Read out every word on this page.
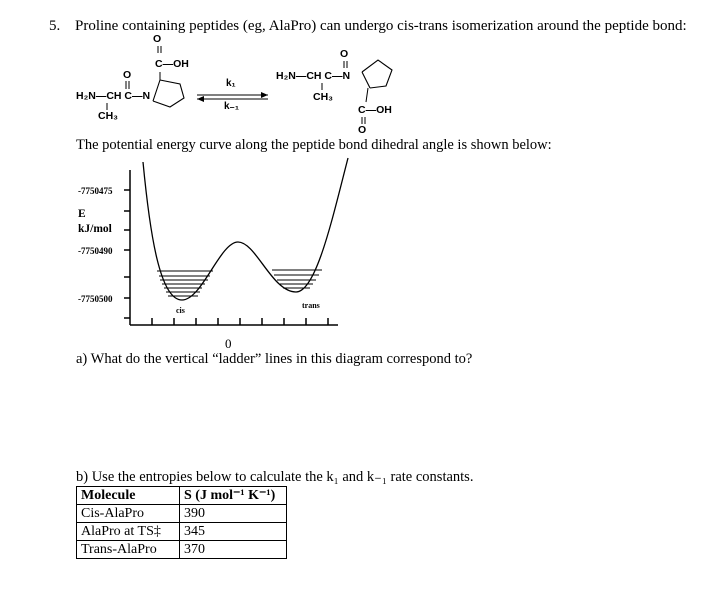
5. Proline containing peptides (eg, AlaPro) can undergo cis-trans isomerization around the peptide bond:
O
C—OH
O
H₂N—CH C—N
CH₃
k₁
k₋₁
O
H₂N—CH C—N
CH₃
C—OH
O
The potential energy curve along the peptide bond dihedral angle is shown below:
-7750475
-7750490
-7750500
E
kJ/mol
cis
trans
0
a) What do the vertical “ladder” lines in this diagram correspond to?
b) Use the entropies below to calculate the k₁ and k₋₁ rate constants.
Molecule	S (J mol⁻¹ K⁻¹)
Cis-AlaPro	390
AlaPro at TS‡	345
Trans-AlaPro	370
